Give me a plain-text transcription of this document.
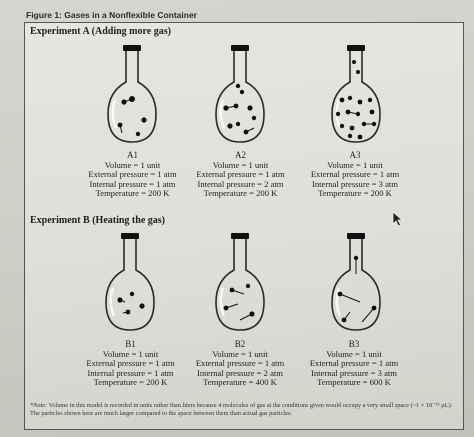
Figure 1: Gases in a Nonflexible Container
Experiment A (Adding more gas)
Experiment B (Heating the gas)
A1
Volume = 1 unit
External pressure = 1 atm
Internal pressure = 1 atm
Temperature = 200 K
A2
Volume = 1 unit
External pressure = 1 atm
Internal pressure = 2 atm
Temperature = 200 K
A3
Volume = 1 unit
External pressure = 1 atm
Internal pressure = 3 atm
Temperature = 200 K
B1
Volume = 1 unit
External pressure = 1 atm
Internal pressure = 1 atm
Temperature = 200 K
B2
Volume = 1 unit
External pressure = 1 atm
Internal pressure = 2 atm
Temperature = 400 K
B3
Volume = 1 unit
External pressure = 1 atm
Internal pressure = 3 atm
Temperature = 600 K
*Note: Volume in this model is recorded in units rather than liters because 4 molecules of gas at the conditions given would occupy a very small space (~1 × 10⁻¹⁹ µL). The particles shown here are much larger compared to the space between them than actual gas particles.
